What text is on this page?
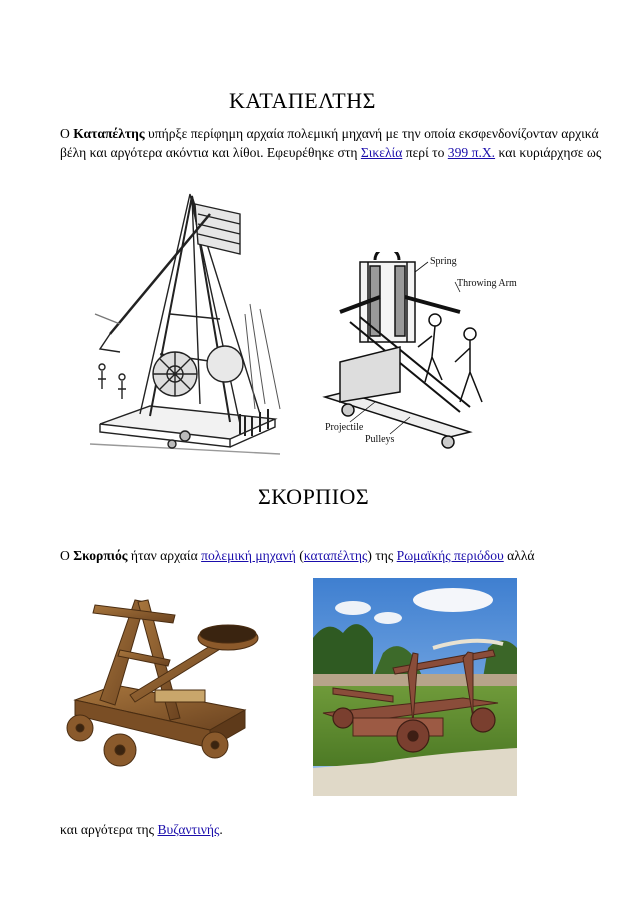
ΚΑΤΑΠΕΛΤΗΣ
Ο Καταπέλτης υπήρξε περίφημη αρχαία πολεμική μηχανή με την οποία εκσφενδονίζονταν αρχικά
βέλη και αργότερα ακόντια και λίθοι. Εφευρέθηκε στη Σικελία περί το 399 π.Χ. και κυριάρχησε ως
Spring
Throwing Arm
Projectile
Pulleys
ΣΚΟΡΠΙΟΣ
Ο Σκορπιός ήταν αρχαία πολεμική μηχανή (καταπέλτης) της Ρωμαϊκής περιόδου αλλά
και αργότερα της Βυζαντινής.
